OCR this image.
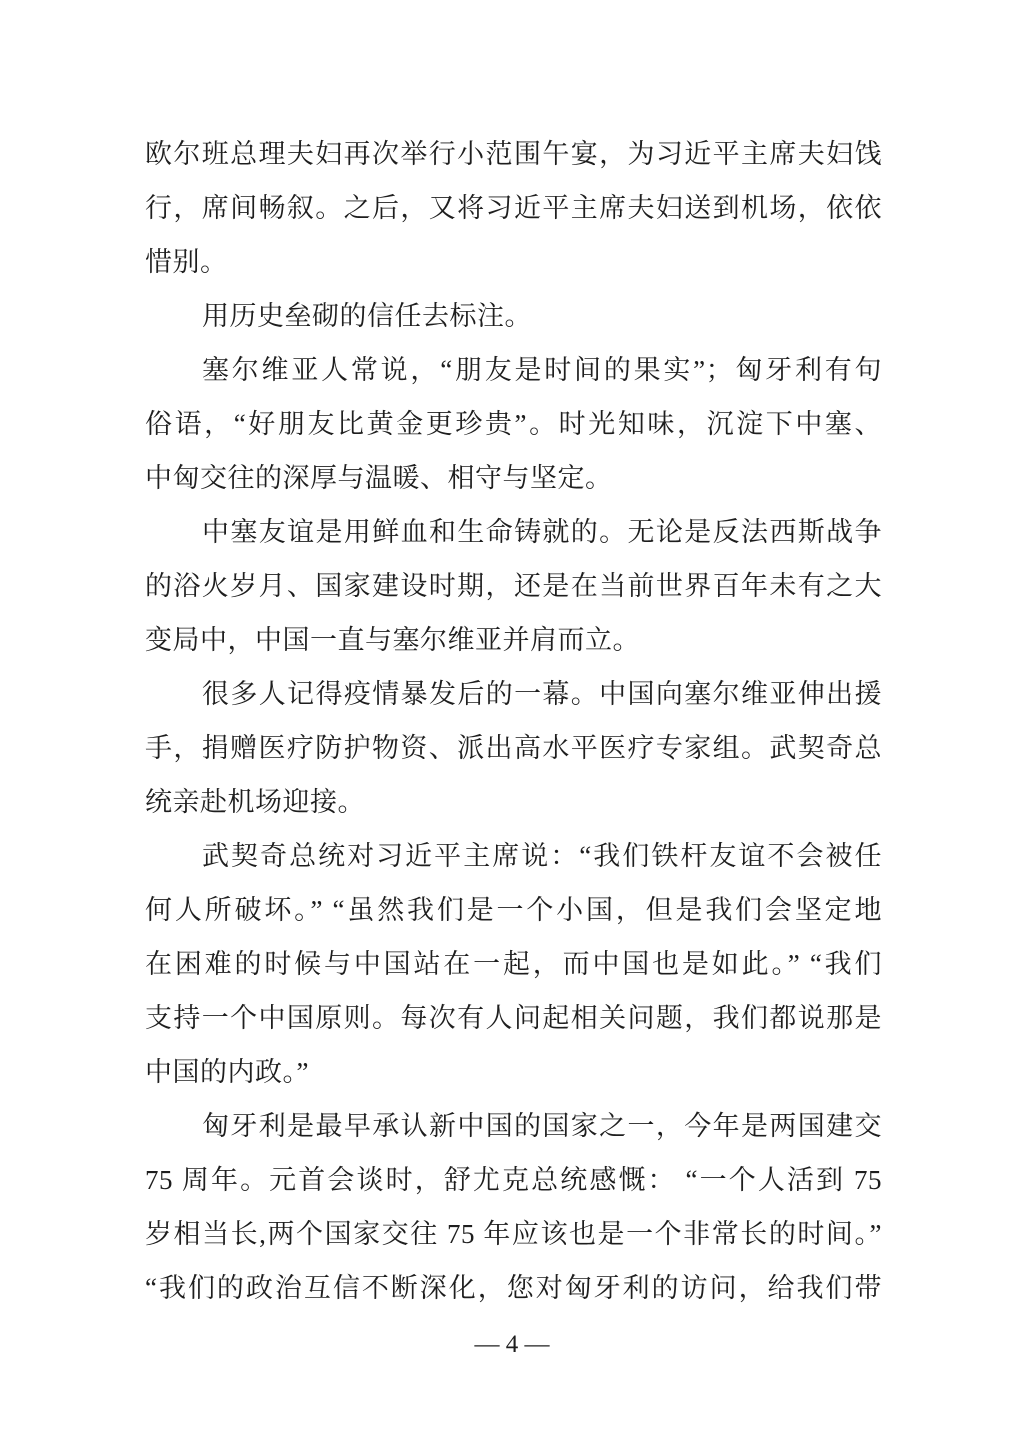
欧尔班总理夫妇再次举行小范围午宴，为习近平主席夫妇饯
行，席间畅叙。之后，又将习近平主席夫妇送到机场，依依
惜别。
用历史垒砌的信任去标注。
塞尔维亚人常说，“朋友是时间的果实”；匈牙利有句
俗语，“好朋友比黄金更珍贵”。时光知味，沉淀下中塞、
中匈交往的深厚与温暖、相守与坚定。
中塞友谊是用鲜血和生命铸就的。无论是反法西斯战争
的浴火岁月、国家建设时期，还是在当前世界百年未有之大
变局中，中国一直与塞尔维亚并肩而立。
很多人记得疫情暴发后的一幕。中国向塞尔维亚伸出援
手，捐赠医疗防护物资、派出高水平医疗专家组。武契奇总
统亲赴机场迎接。
武契奇总统对习近平主席说：“我们铁杆友谊不会被任
何人所破坏。” “虽然我们是一个小国，但是我们会坚定地
在困难的时候与中国站在一起，而中国也是如此。” “我们
支持一个中国原则。每次有人问起相关问题，我们都说那是
中国的内政。”
匈牙利是最早承认新中国的国家之一，今年是两国建交
75 周年。元首会谈时，舒尤克总统感慨： “一个人活到 75
岁相当长,两个国家交往 75 年应该也是一个非常长的时间。”
“我们的政治互信不断深化，您对匈牙利的访问，给我们带
— 4 —
